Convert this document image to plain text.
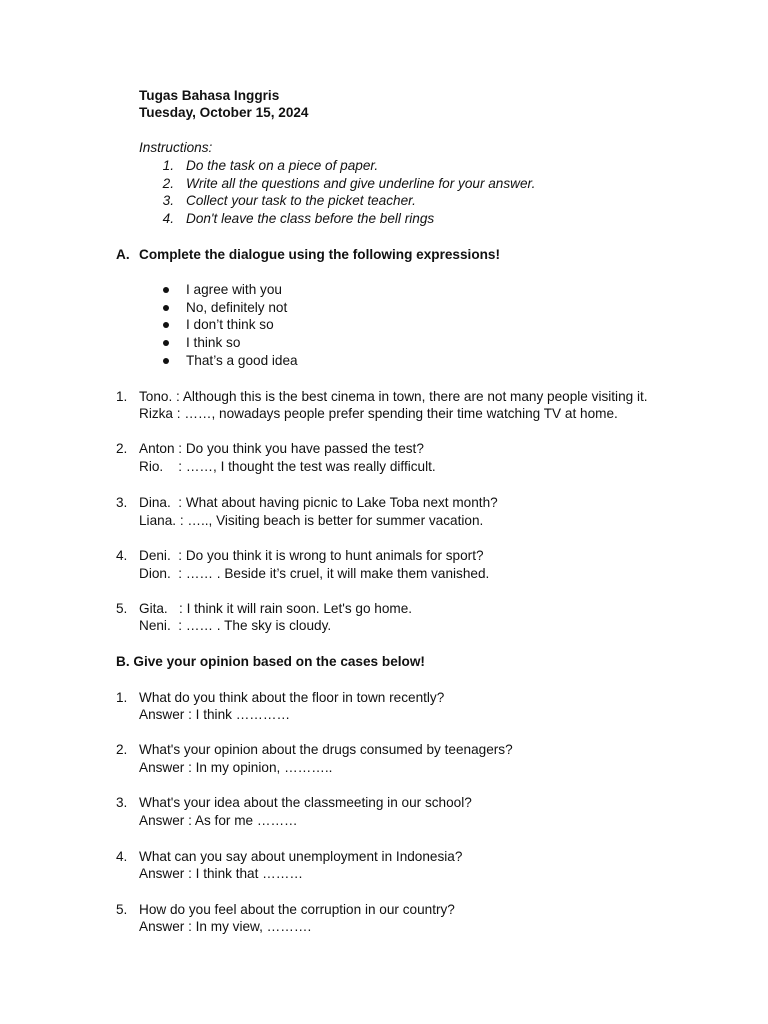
Tugas Bahasa Inggris
Tuesday, October 15, 2024
Instructions:
1. Do the task on a piece of paper.
2. Write all the questions and give underline for your answer.
3. Collect your task to the picket teacher.
4. Don't leave the class before the bell rings
A. Complete the dialogue using the following expressions!
I agree with you
No, definitely not
I don’t think so
I think so
That’s a good idea
1. Tono. : Although this is the best cinema in town, there are not many people visiting it.
Rizka : ……, nowadays people prefer spending their time watching TV at home.
2. Anton : Do you think you have passed the test?
Rio.    : ……, I thought the test was really difficult.
3. Dina.  : What about having picnic to Lake Toba next month?
Liana. : ….., Visiting beach is better for summer vacation.
4. Deni.  : Do you think it is wrong to hunt animals for sport?
Dion.  : …… . Beside it’s cruel, it will make them vanished.
5. Gita.   : I think it will rain soon. Let's go home.
Neni.  : …… . The sky is cloudy.
B. Give your opinion based on the cases below!
1. What do you think about the floor in town recently?
Answer : I think …………
2. What's your opinion about the drugs consumed by teenagers?
Answer : In my opinion, ………..
3. What's your idea about the classmeeting in our school?
Answer : As for me ………
4. What can you say about unemployment in Indonesia?
Answer : I think that ………
5. How do you feel about the corruption in our country?
Answer : In my view, ……….
